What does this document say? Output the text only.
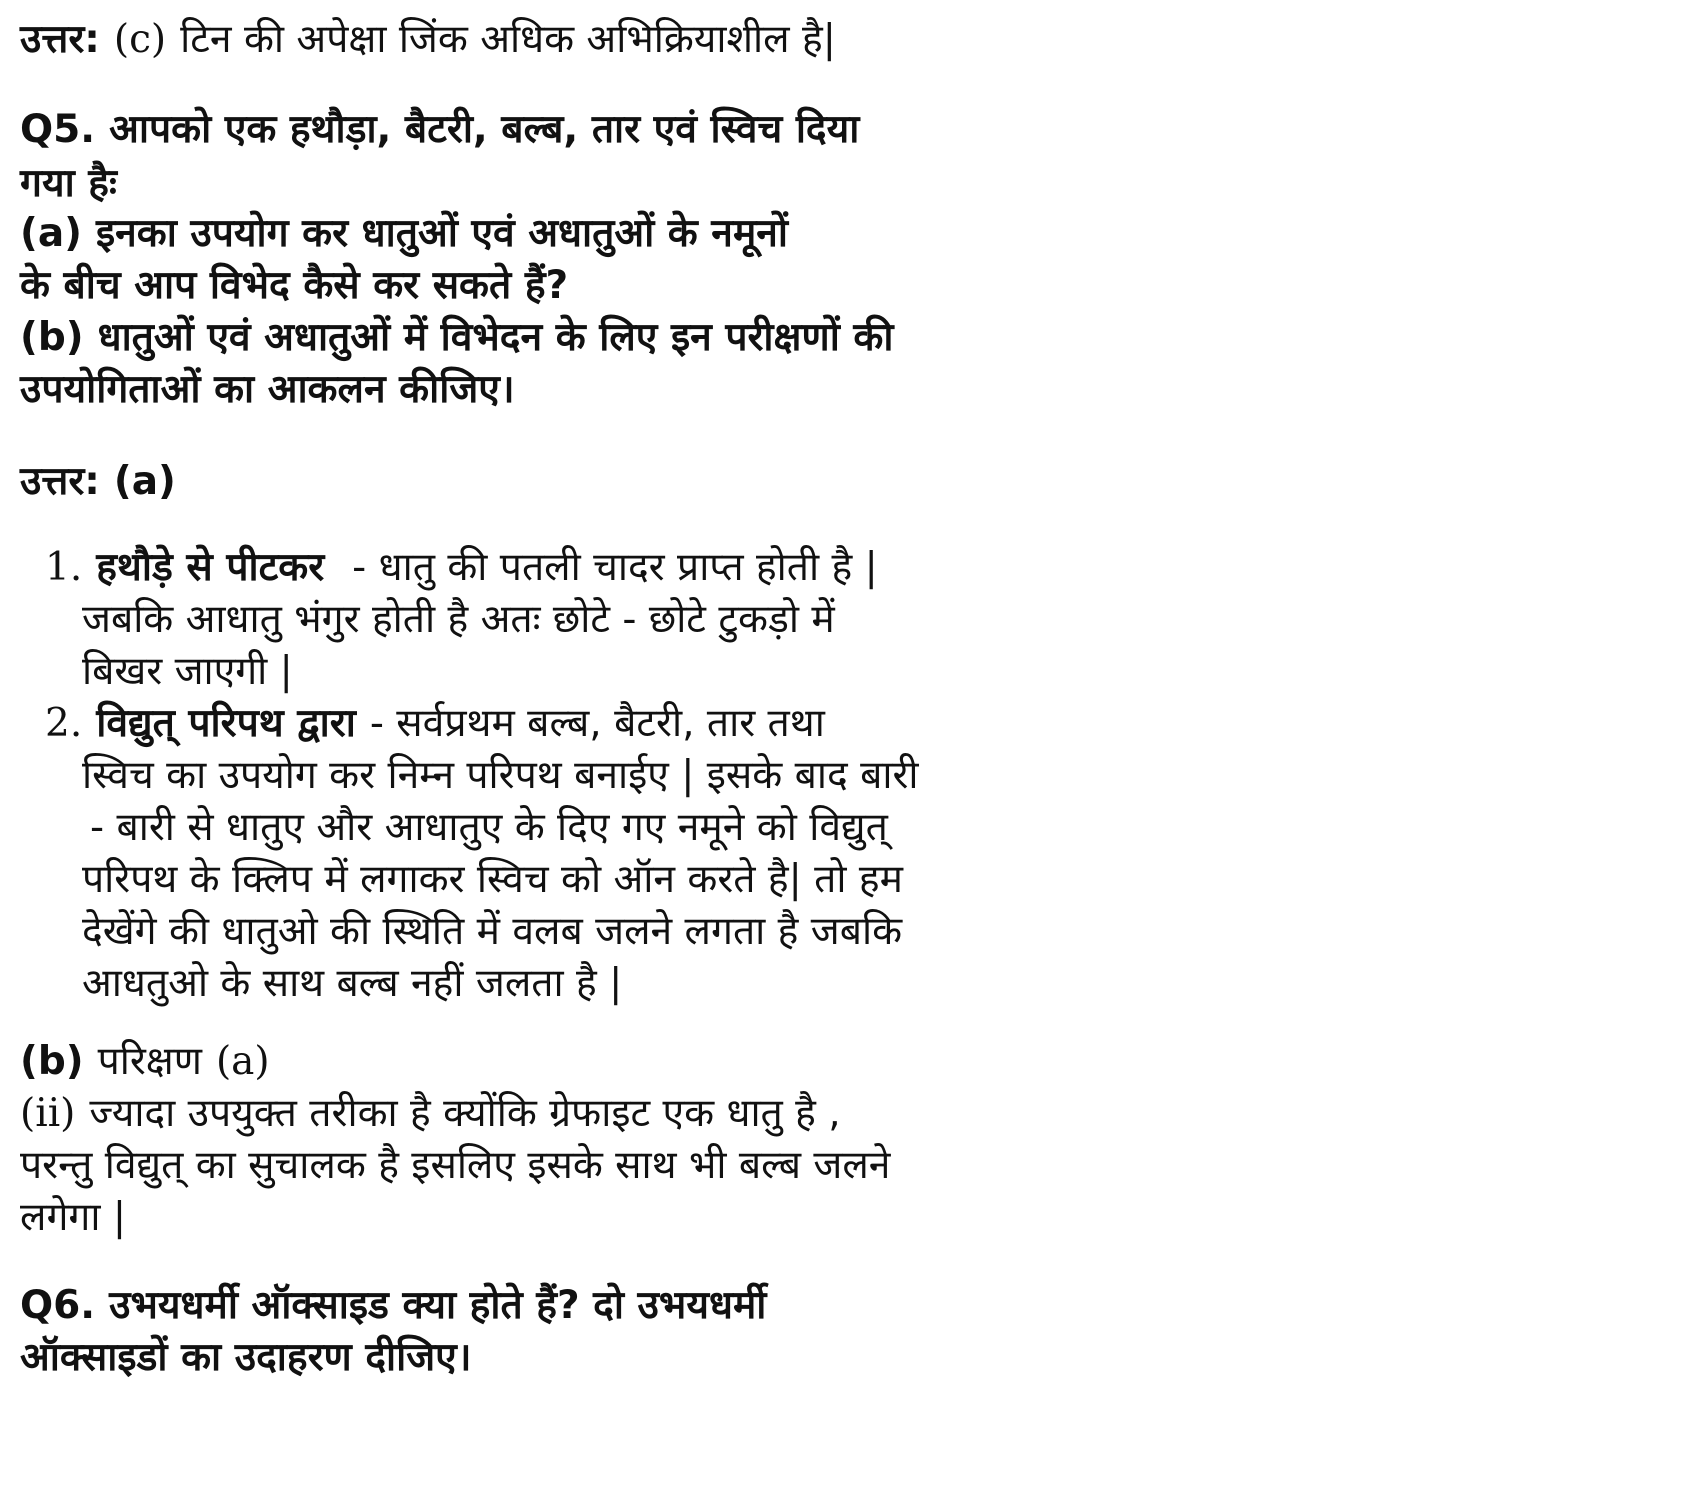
उत्तर: (c) टिन की अपेक्षा जिंक अधिक अभिक्रियाशील है|
Q5. आपको एक हथौड़ा, बैटरी, बल्ब, तार एवं स्विच दिया
गया हैः
(a) इनका उपयोग कर धातुओं एवं अधातुओं के नमूनों
के बीच आप विभेद कैसे कर सकते हैं?
(b) धातुओं एवं अधातुओं में विभेदन के लिए इन परीक्षणों की
उपयोगिताओं का आकलन कीजिए।
उत्तर: (a)
1. हथौड़े से पीटकर - धातु की पतली चादर प्राप्त होती है |
जबकि आधातु भंगुर होती है अतः छोटे - छोटे टुकड़ो में
बिखर जाएगी |
2. विद्युत् परिपथ द्वारा - सर्वप्रथम बल्ब, बैटरी, तार तथा
स्विच का उपयोग कर निम्न परिपथ बनाईए | इसके बाद बारी
- बारी से धातुए और आधातुए के दिए गए नमूने को विद्युत्
परिपथ के क्लिप में लगाकर स्विच को ऑन करते है| तो हम
देखेंगे की धातुओ की स्थिति में वलब जलने लगता है जबकि
आधतुओ के साथ बल्ब नहीं जलता है |
(b) परिक्षण (a)
(ii) ज्यादा उपयुक्त तरीका है क्योंकि ग्रेफाइट एक धातु है ,
परन्तु विद्युत् का सुचालक है इसलिए इसके साथ भी बल्ब जलने
लगेगा |
Q6. उभयधर्मी ऑक्साइड क्या होते हैं? दो उभयधर्मी
ऑक्साइडों का उदाहरण दीजिए।
